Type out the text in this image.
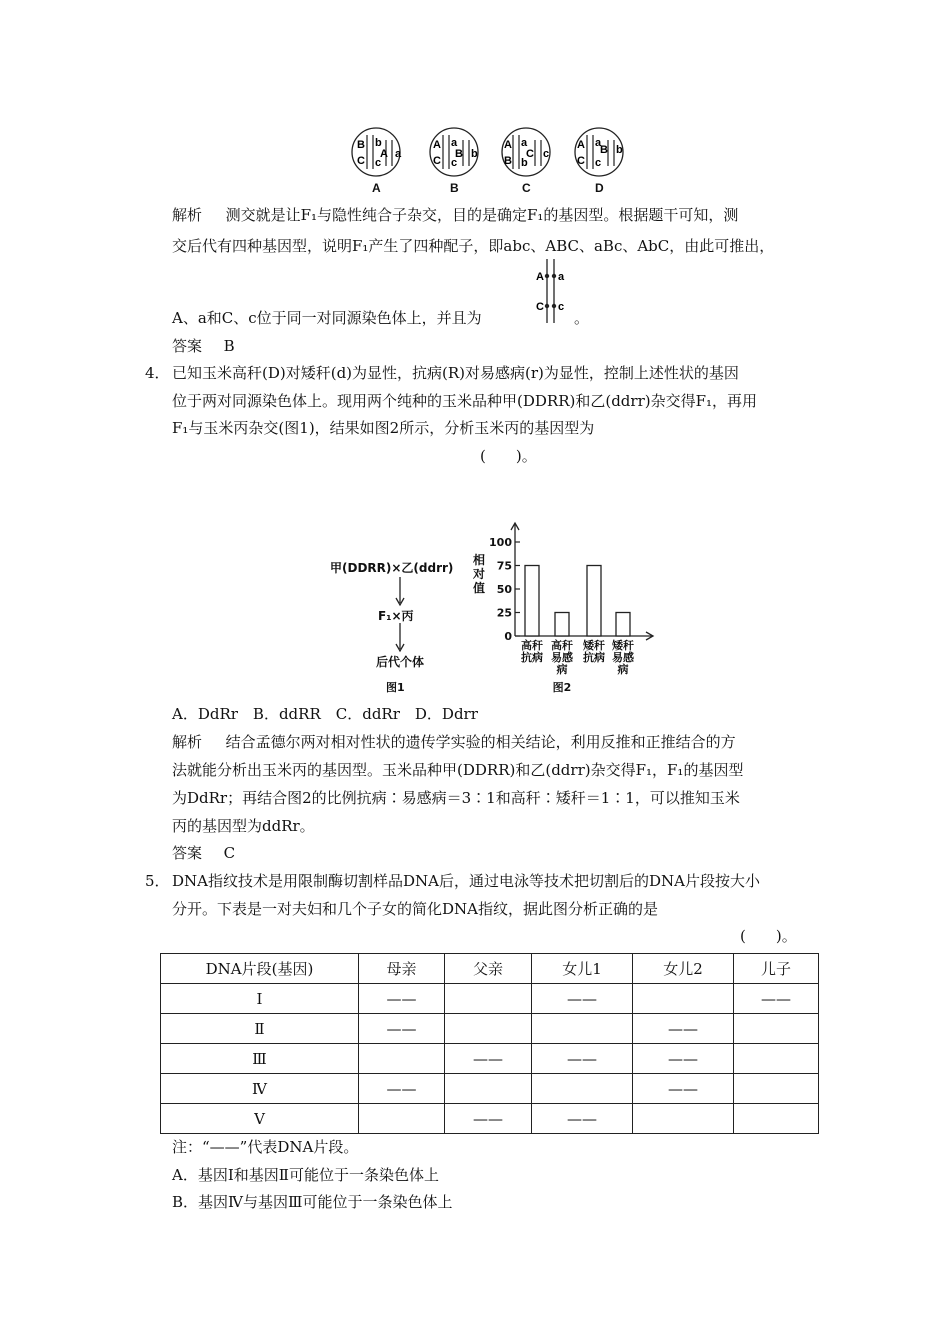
B b
C c
A a
A a
C c
B b
A a
B b
C c
A a
C c
B b
A	B	C	D
解析 测交就是让F₁与隐性纯合子杂交，目的是确定F₁的基因型。根据题干可知，测
交后代有四种基因型，说明F₁产生了四种配子，即abc、ABC、aBc、AbC，由此可推出，
A a
C c
A、a和C、c位于同一对同源染色体上，并且为	。
答案 B
4． 已知玉米高秆(D)对矮秆(d)为显性，抗病(R)对易感病(r)为显性，控制上述性状的基因
位于两对同源染色体上。现用两个纯种的玉米品种甲(DDRR)和乙(ddrr)杂交得F₁，再用
F₁与玉米丙杂交(图1)，结果如图2所示，分析玉米丙的基因型为
(　　)。
甲(DDRR)×乙(ddrr)
F₁×丙
后代个体
图1
0
25
50
75
100
相
对
值
高秆
抗病
高秆
易感
病
矮秆
抗病
矮秆
易感
病
图2
A．DdRr　B．ddRR　C．ddRr　D．Ddrr
解析 结合孟德尔两对相对性状的遗传学实验的相关结论，利用反推和正推结合的方
法就能分析出玉米丙的基因型。玉米品种甲(DDRR)和乙(ddrr)杂交得F₁，F₁的基因型
为DdRr；再结合图2的比例抗病∶易感病＝3∶1和高秆∶矮秆＝1∶1，可以推知玉米
丙的基因型为ddRr。
答案 C
5． DNA指纹技术是用限制酶切割样品DNA后，通过电泳等技术把切割后的DNA片段按大小
分开。下表是一对夫妇和几个子女的简化DNA指纹，据此图分析正确的是
(　　)。
DNA片段(基因)	母亲	父亲	女儿1	女儿2	儿子
Ⅰ	——		——		——
Ⅱ	——			——	
Ⅲ		——	——	——	
Ⅳ	——			——	
Ⅴ		——	——		
注：“——”代表DNA片段。
A．基因Ⅰ和基因Ⅱ可能位于一条染色体上
B．基因Ⅳ与基因Ⅲ可能位于一条染色体上
